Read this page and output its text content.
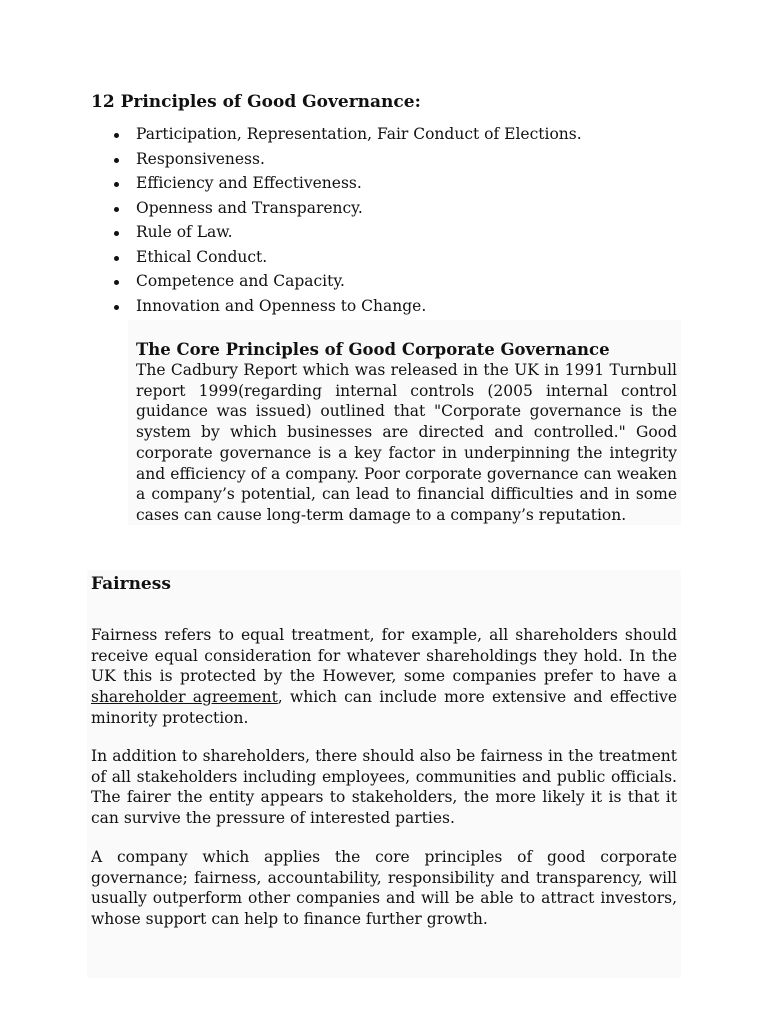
12 Principles of Good Governance:
Participation, Representation, Fair Conduct of Elections.
Responsiveness.
Efficiency and Effectiveness.
Openness and Transparency.
Rule of Law.
Ethical Conduct.
Competence and Capacity.
Innovation and Openness to Change.
The Core Principles of Good Corporate Governance

The Cadbury Report which was released in the UK in 1991 Turnbull report 1999(regarding internal controls (2005 internal control guidance was issued) outlined that "Corporate governance is the system by which businesses are directed and controlled." Good corporate governance is a key factor in underpinning the integrity and efficiency of a company. Poor corporate governance can weaken a company’s potential, can lead to financial difficulties and in some cases can cause long-term damage to a company’s reputation.

Fairness

Fairness refers to equal treatment, for example, all shareholders should receive equal consideration for whatever shareholdings they hold. In the UK this is protected by the However, some companies prefer to have a shareholder agreement, which can include more extensive and effective minority protection.

In addition to shareholders, there should also be fairness in the treatment of all stakeholders including employees, communities and public officials. The fairer the entity appears to stakeholders, the more likely it is that it can survive the pressure of interested parties.

A company which applies the core principles of good corporate governance; fairness, accountability, responsibility and transparency, will usually outperform other companies and will be able to attract investors, whose support can help to finance further growth.
